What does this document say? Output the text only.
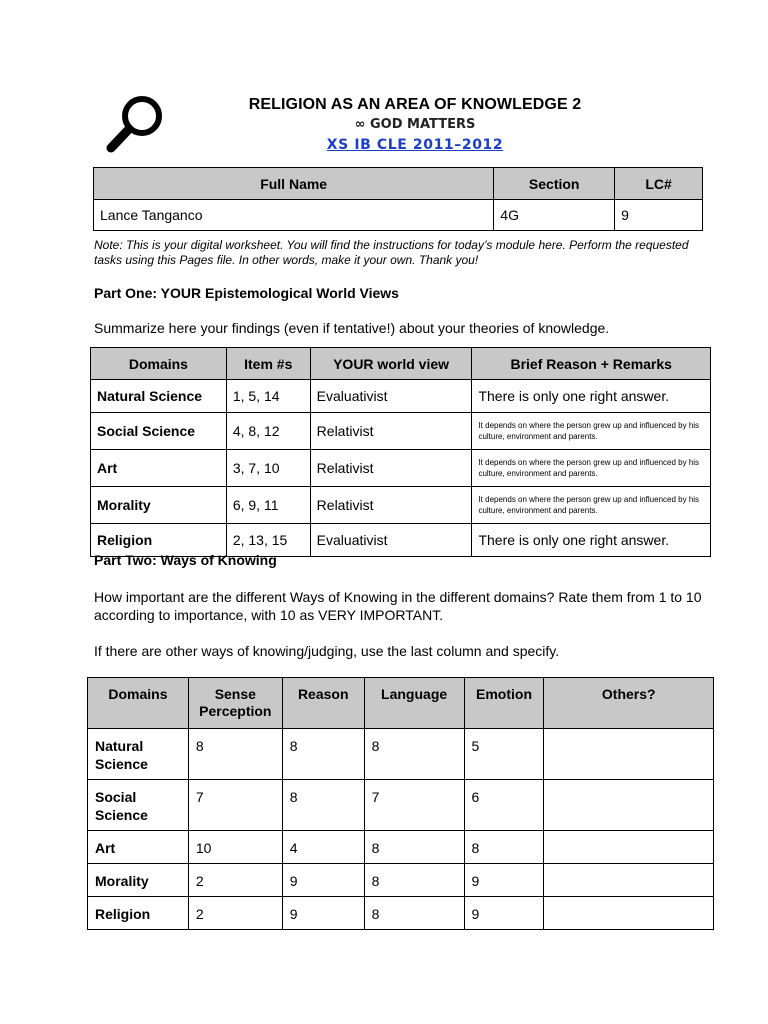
RELIGION AS AN AREA OF KNOWLEDGE 2
∞ GOD MATTERS
XS IB CLE 2011–2012
Full Name	Section	LC#
Lance Tanganco	4G	9
Note: This is your digital worksheet. You will find the instructions for today’s module here. Perform the requested tasks using this Pages file. In other words, make it your own. Thank you!
Part One: YOUR Epistemological World Views
Summarize here your findings (even if tentative!) about your theories of knowledge.
Domains	Item #s	YOUR world view	Brief Reason + Remarks
Natural Science	1, 5, 14	Evaluativist	There is only one right answer.
Social Science	4, 8, 12	Relativist	It depends on where the person grew up and influenced by his culture, environment and parents.
Art	3, 7, 10	Relativist	It depends on where the person grew up and influenced by his culture, environment and parents.
Morality	6, 9, 11	Relativist	It depends on where the person grew up and influenced by his culture, environment and parents.
Religion	2, 13, 15	Evaluativist	There is only one right answer.
Part Two: Ways of Knowing
How important are the different Ways of Knowing in the different domains? Rate them from 1 to 10 according to importance, with 10 as VERY IMPORTANT.
If there are other ways of knowing/judging, use the last column and specify.
Domains	Sense Perception	Reason	Language	Emotion	Others?
Natural Science	8	8	8	5	
Social Science	7	8	7	6	
Art	10	4	8	8	
Morality	2	9	8	9	
Religion	2	9	8	9	
